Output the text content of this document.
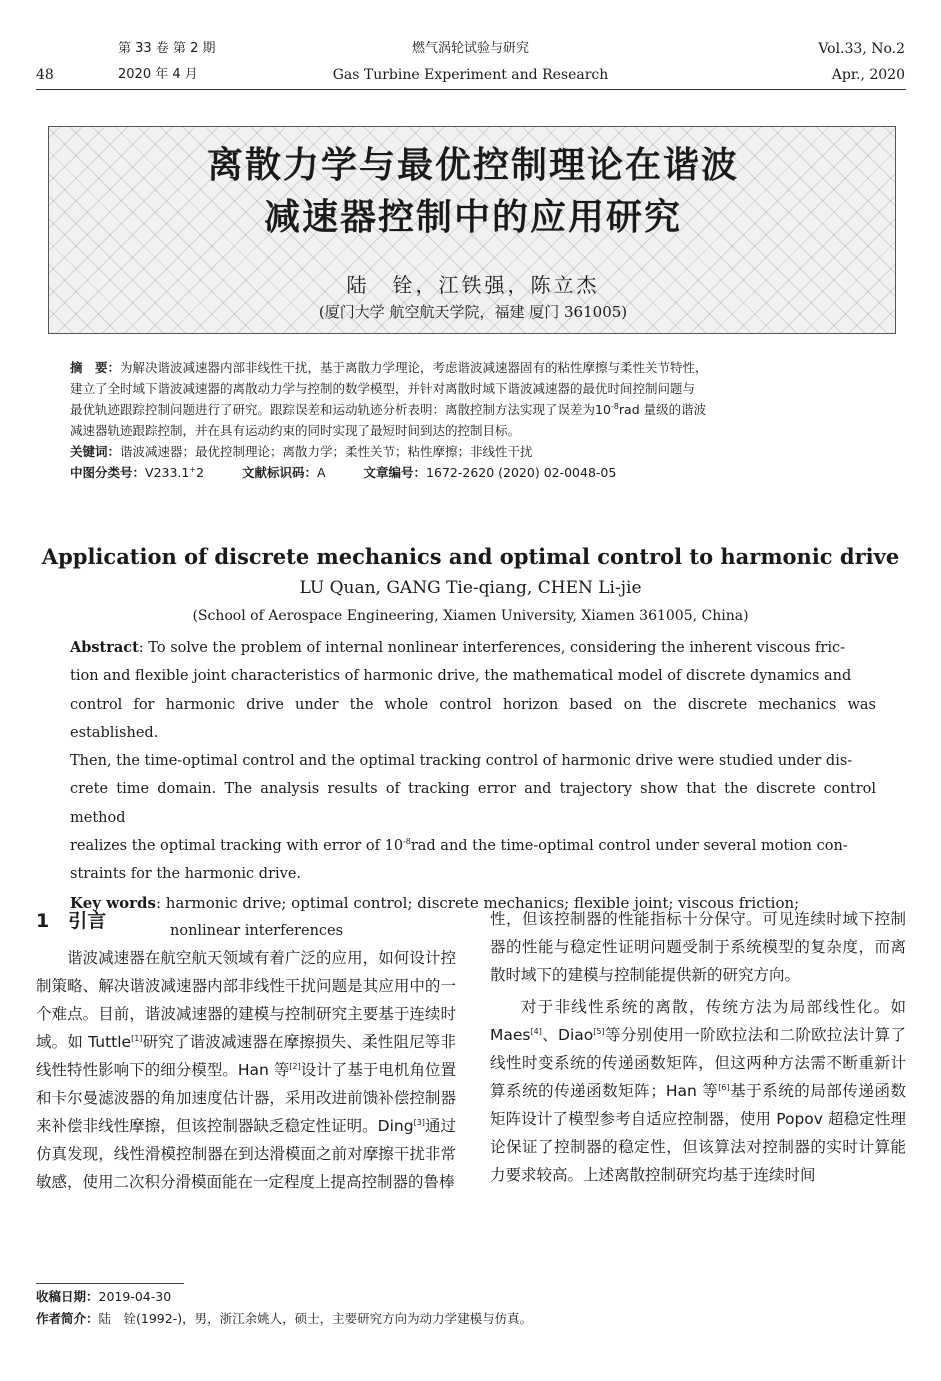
48
第 33 卷 第 2 期
2020 年 4 月
燃气涡轮试验与研究
Gas Turbine Experiment and Research
Vol.33, No.2
Apr., 2020
离散力学与最优控制理论在谐波
减速器控制中的应用研究
陆　铨，江铁强，陈立杰
(厦门大学 航空航天学院，福建 厦门 361005)
摘　要：为解决谐波减速器内部非线性干扰，基于离散力学理论，考虑谐波减速器固有的粘性摩擦与柔性关节特性，
建立了全时域下谐波减速器的离散动力学与控制的数学模型，并针对离散时域下谐波减速器的最优时间控制问题与
最优轨迹跟踪控制问题进行了研究。跟踪误差和运动轨迹分析表明：离散控制方法实现了误差为$10^{-8}rad$ 量级的谐波
减速器轨迹跟踪控制，并在具有运动约束的同时实现了最短时间到达的控制目标。
关键词：谐波减速器；最优控制理论；离散力学；柔性关节；粘性摩擦；非线性干扰
中图分类号：V233.1+2	文献标识码：A	文章编号：1672-2620 (2020) 02-0048-05
Application of discrete mechanics and optimal control to harmonic drive
LU Quan, GANG Tie-qiang, CHEN Li-jie
(School of Aerospace Engineering, Xiamen University, Xiamen 361005, China)
Abstract: To solve the problem of internal nonlinear interferences, considering the inherent viscous fric-
tion and flexible joint characteristics of harmonic drive, the mathematical model of discrete dynamics and
control for harmonic drive under the whole control horizon based on the discrete mechanics was established.
Then, the time-optimal control and the optimal tracking control of harmonic drive were studied under dis-
crete time domain. The analysis results of tracking error and trajectory show that the discrete control method
realizes the optimal tracking with error of $10^{-8}rad$ and the time-optimal control under several motion con-
straints for the harmonic drive.
Key words: harmonic drive; optimal control; discrete mechanics; flexible joint; viscous friction;
nonlinear interferences
1　引言

谐波减速器在航空航天领域有着广泛的应用，如何设计控制策略、解决谐波减速器内部非线性干扰问题是其应用中的一个难点。目前，谐波减速器的建模与控制研究主要基于连续时域。如 Tuttle[1]研究了谐波减速器在摩擦损失、柔性阻尼等非线性特性影响下的细分模型。Han 等[2]设计了基于电机角位置和卡尔曼滤波器的角加速度估计器，采用改进前馈补偿控制器来补偿非线性摩擦，但该控制器缺乏稳定性证明。Ding[3]通过仿真发现，线性滑模控制器在到达滑模面之前对摩擦干扰非常敏感，使用二次积分滑模面能在一定程度上提高控制器的鲁棒

性，但该控制器的性能指标十分保守。可见连续时域下控制器的性能与稳定性证明问题受制于系统模型的复杂度，而离散时域下的建模与控制能提供新的研究方向。

对于非线性系统的离散，传统方法为局部线性化。如 Maes[4]、Diao[5]等分别使用一阶欧拉法和二阶欧拉法计算了线性时变系统的传递函数矩阵，但这两种方法需不断重新计算系统的传递函数矩阵；Han 等[6]基于系统的局部传递函数矩阵设计了模型参考自适应控制器，使用 Popov 超稳定性理论保证了控制器的稳定性，但该算法对控制器的实时计算能力要求较高。上述离散控制研究均基于连续时间

收稿日期：2019-04-30
作者简介：陆　铨(1992-)，男，浙江余姚人，硕士，主要研究方向为动力学建模与仿真。
